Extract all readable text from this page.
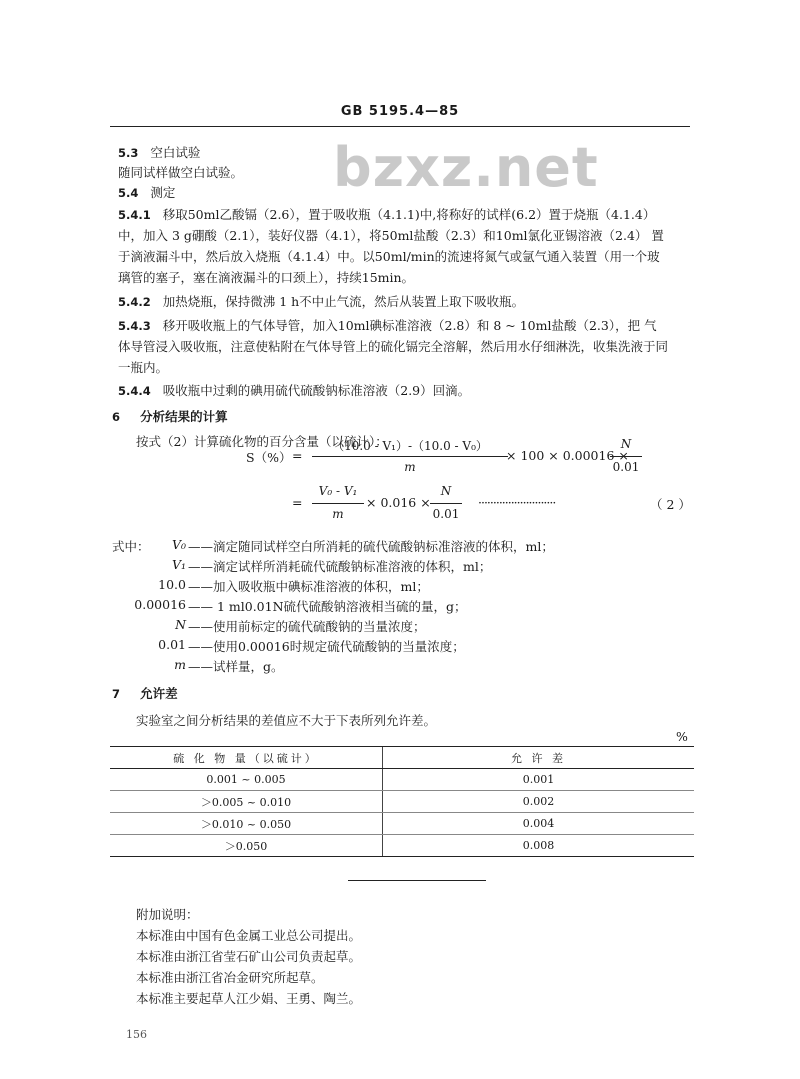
GB 5195.4—85
bzxz.net
5.3 空白试验
随同试样做空白试验。
5.4 测定
5.4.1 移取50ml乙酸镉（2.6），置于吸收瓶（4.1.1)中,将称好的试样(6.2）置于烧瓶（4.1.4）
中，加入 3 g硼酸（2.1），装好仪器（4.1），将50ml盐酸（2.3）和10ml氯化亚锡溶液（2.4） 置
于滴液漏斗中，然后放入烧瓶（4.1.4）中。以50ml/min的流速将氮气或氩气通入装置（用一个玻
璃管的塞子，塞在滴液漏斗的口颈上），持续15min。
5.4.2 加热烧瓶，保持微沸 1 h不中止气流，然后从装置上取下吸收瓶。
5.4.3 移开吸收瓶上的气体导管，加入10ml碘标准溶液（2.8）和 8 ~ 10ml盐酸（2.3），把 气
体导管浸入吸收瓶，注意使粘附在气体导管上的硫化镉完全溶解，然后用水仔细淋洗，收集洗液于同
一瓶内。
5.4.4 吸收瓶中过剩的碘用硫代硫酸钠标准溶液（2.9）回滴。
6 分析结果的计算
按式（2）计算硫化物的百分含量（以硫计）：
S（%） =
（10.0 - V₁）-（10.0 - V₀）
m
× 100 × 0.00016 ×
N
0.01
=
V₀ - V₁
m
× 0.016 ×
N
0.01
··························	（ 2 ）
式中：	V₀ ——滴定随同试样空白所消耗的硫代硫酸钠标准溶液的体积，ml；
V₁ ——滴定试样所消耗硫代硫酸钠标准溶液的体积，ml；
10.0 ——加入吸收瓶中碘标准溶液的体积，ml；
0.00016 —— 1 ml0.01N硫代硫酸钠溶液相当硫的量，g；
N ——使用前标定的硫代硫酸钠的当量浓度；
0.01 ——使用0.00016时规定硫代硫酸钠的当量浓度；
m ——试样量，g。
7 允许差
实验室之间分析结果的差值应不大于下表所列允许差。
%
硫 化 物 量（以硫计）	允 许 差
0.001 ~ 0.005	0.001
＞0.005 ~ 0.010	0.002
＞0.010 ~ 0.050	0.004
＞0.050	0.008
附加说明：
本标准由中国有色金属工业总公司提出。
本标准由浙江省莹石矿山公司负责起草。
本标准由浙江省冶金研究所起草。
本标准主要起草人江少娟、王勇、陶兰。
156
